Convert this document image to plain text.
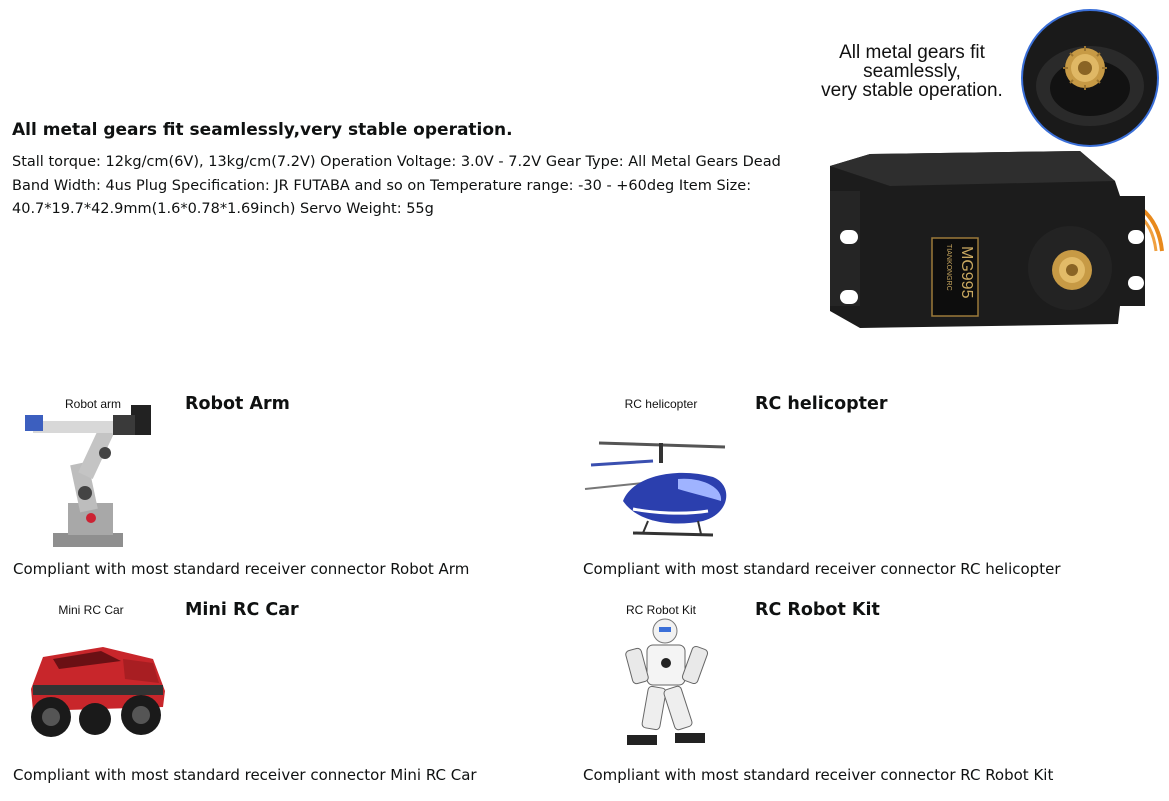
All metal gears fit seamlessly,very stable operation.

Stall torque: 12kg/cm(6V), 13kg/cm(7.2V) Operation Voltage: 3.0V - 7.2V Gear Type: All Metal Gears Dead Band Width: 4us Plug Specification: JR FUTABA and so on Temperature range: -30 - +60deg Item Size: 40.7*19.7*42.9mm(1.6*0.78*1.69inch) Servo Weight: 55g

All metal gears fit
seamlessly,
very stable operation.
MG995
TIANKONGRC
Robot arm	Robot Arm

Compliant with most standard receiver connector Robot Arm

RC helicopter	RC helicopter

Compliant with most standard receiver connector RC helicopter

Mini RC Car	Mini RC Car

Compliant with most standard receiver connector Mini RC Car

RC Robot Kit	RC Robot Kit

Compliant with most standard receiver connector RC Robot Kit
